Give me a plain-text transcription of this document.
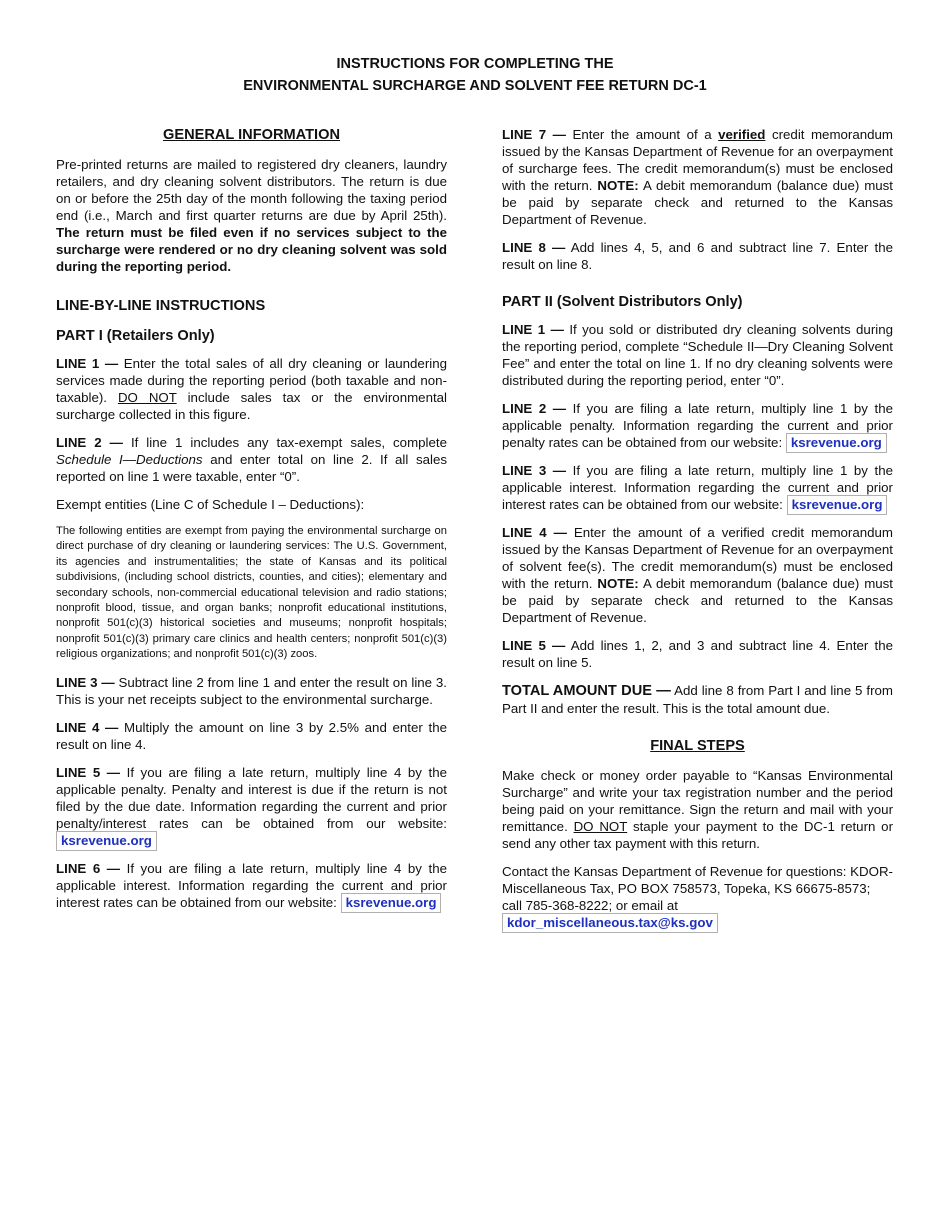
INSTRUCTIONS FOR COMPLETING THE
ENVIRONMENTAL SURCHARGE AND SOLVENT FEE RETURN DC-1
GENERAL INFORMATION

Pre-printed returns are mailed to registered dry cleaners, laundry retailers, and dry cleaning solvent distributors. The return is due on or before the 25th day of the month following the taxing period end (i.e., March and first quarter returns are due by April 25th). The return must be filed even if no services subject to the surcharge were rendered or no dry cleaning solvent was sold during the reporting period.

LINE-BY-LINE INSTRUCTIONS
PART I (Retailers Only)

LINE 1 — Enter the total sales of all dry cleaning or laundering services made during the reporting period (both taxable and non-taxable). DO NOT include sales tax or the environmental surcharge collected in this figure.

LINE 2 — If line 1 includes any tax-exempt sales, complete Schedule I—Deductions and enter total on line 2. If all sales reported on line 1 were taxable, enter “0”.

Exempt entities (Line C of Schedule I – Deductions):

The following entities are exempt from paying the environmental surcharge on direct purchase of dry cleaning or laundering services: The U.S. Government, its agencies and instrumentalities; the state of Kansas and its political subdivisions, (including school districts, counties, and cities); elementary and secondary schools, non-commercial educational television and radio stations; nonprofit blood, tissue, and organ banks; nonprofit educational institutions, nonprofit 501(c)(3) historical societies and museums; nonprofit hospitals; nonprofit 501(c)(3) primary care clinics and health centers; nonprofit 501(c)(3) religious organizations; and nonprofit 501(c)(3) zoos.

LINE 3 — Subtract line 2 from line 1 and enter the result on line 3. This is your net receipts subject to the environmental surcharge.

LINE 4 — Multiply the amount on line 3 by 2.5% and enter the result on line 4.

LINE 5 — If you are filing a late return, multiply line 4 by the applicable penalty. Penalty and interest is due if the return is not filed by the due date. Information regarding the current and prior penalty/interest rates can be obtained from our website: ksrevenue.org

LINE 6 — If you are filing a late return, multiply line 4 by the applicable interest. Information regarding the current and prior interest rates can be obtained from our website: ksrevenue.org

LINE 7 — Enter the amount of a verified credit memorandum issued by the Kansas Department of Revenue for an overpayment of surcharge fees. The credit memorandum(s) must be enclosed with the return. NOTE: A debit memorandum (balance due) must be paid by separate check and returned to the Kansas Department of Revenue.

LINE 8 — Add lines 4, 5, and 6 and subtract line 7. Enter the result on line 8.

PART II (Solvent Distributors Only)

LINE 1 — If you sold or distributed dry cleaning solvents during the reporting period, complete “Schedule II—Dry Cleaning Solvent Fee” and enter the total on line 1. If no dry cleaning solvents were distributed during the reporting period, enter “0”.

LINE 2 — If you are filing a late return, multiply line 1 by the applicable penalty. Information regarding the current and prior penalty rates can be obtained from our website: ksrevenue.org

LINE 3 — If you are filing a late return, multiply line 1 by the applicable interest. Information regarding the current and prior interest rates can be obtained from our website: ksrevenue.org

LINE 4 — Enter the amount of a verified credit memorandum issued by the Kansas Department of Revenue for an overpayment of solvent fee(s). The credit memorandum(s) must be enclosed with the return. NOTE: A debit memorandum (balance due) must be paid by separate check and returned to the Kansas Department of Revenue.

LINE 5 — Add lines 1, 2, and 3 and subtract line 4. Enter the result on line 5.

TOTAL AMOUNT DUE — Add line 8 from Part I and line 5 from Part II and enter the result. This is the total amount due.

FINAL STEPS

Make check or money order payable to “Kansas Environmental Surcharge” and write your tax registration number and the period being paid on your remittance. Sign the return and mail with your remittance. DO NOT staple your payment to the DC-1 return or send any other tax payment with this return.

Contact the Kansas Department of Revenue for questions: KDOR-Miscellaneous Tax, PO BOX 758573, Topeka, KS 66675-8573; call 785-368-8222; or email at kdor_miscellaneous.tax@ks.gov
